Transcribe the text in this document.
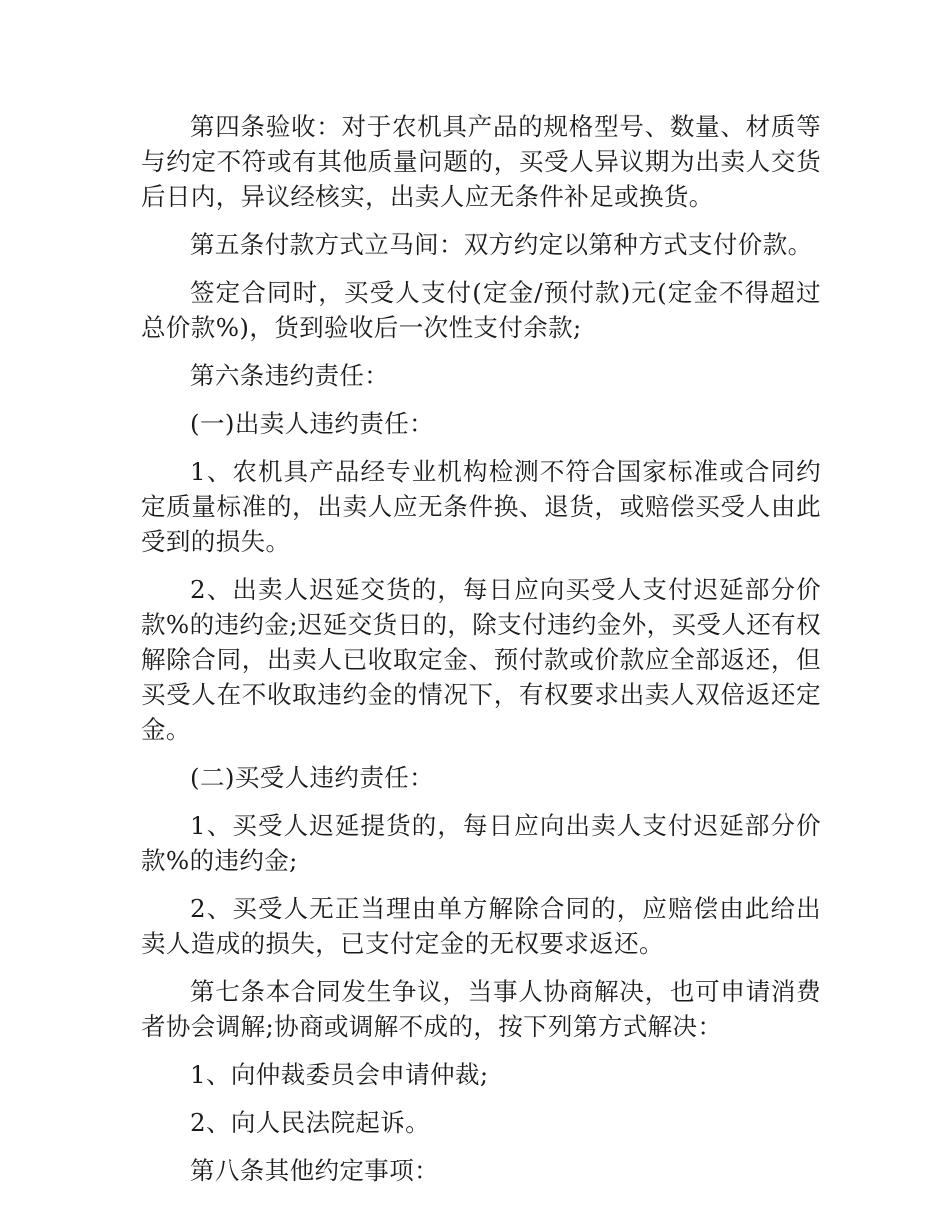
第四条验收：对于农机具产品的规格型号、数量、材质等与约定不符或有其他质量问题的，买受人异议期为出卖人交货后日内，异议经核实，出卖人应无条件补足或换货。

第五条付款方式立马间：双方约定以第种方式支付价款。

签定合同时，买受人支付(定金/预付款)元(定金不得超过总价款%)，货到验收后一次性支付余款;

第六条违约责任：

(一)出卖人违约责任：

1、农机具产品经专业机构检测不符合国家标准或合同约定质量标准的，出卖人应无条件换、退货，或赔偿买受人由此受到的损失。

2、出卖人迟延交货的，每日应向买受人支付迟延部分价款%的违约金;迟延交货日的，除支付违约金外，买受人还有权解除合同，出卖人已收取定金、预付款或价款应全部返还，但买受人在不收取违约金的情况下，有权要求出卖人双倍返还定金。

(二)买受人违约责任：

1、买受人迟延提货的，每日应向出卖人支付迟延部分价款%的违约金;

2、买受人无正当理由单方解除合同的，应赔偿由此给出卖人造成的损失，已支付定金的无权要求返还。

第七条本合同发生争议，当事人协商解决，也可申请消费者协会调解;协商或调解不成的，按下列第方式解决：

1、向仲裁委员会申请仲裁;

2、向人民法院起诉。

第八条其他约定事项：
